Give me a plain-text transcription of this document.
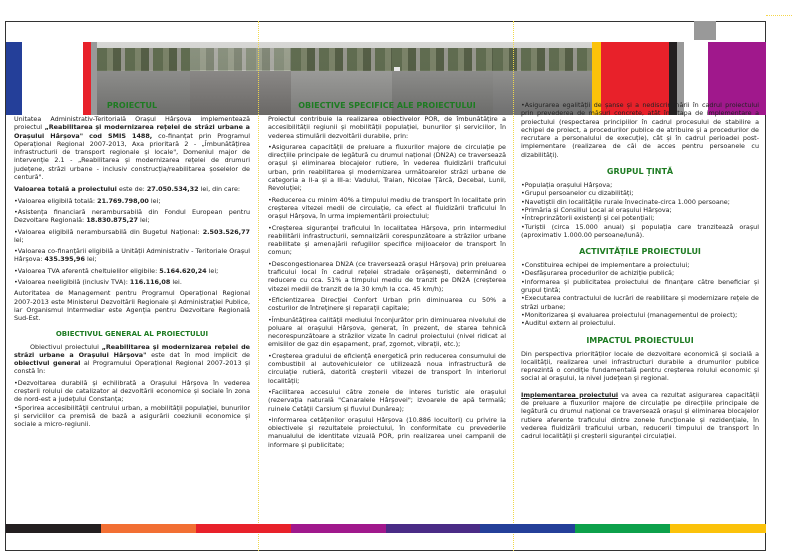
PROIECTUL

Unitatea Administrativ-Teritorială Orașul Hârșova implementează proiectul „Reabilitarea și modernizarea rețelei de străzi urbane a Orașului Hârșova" cod SMIS 1488, co-finanțat prin Programul Operațional Regional 2007-2013, Axa prioritară 2 - „Îmbunătățirea infrastructurii de transport regionale și locale", Domeniul major de intervenție 2.1 - „Reabilitarea și modernizarea rețelei de drumuri județene, străzi urbane - inclusiv construcția/reabilitarea șoselelor de centură".

Valoarea totală a proiectului este de: 27.050.534,32 lei, din care:

•Valoarea eligibilă totală: 21.769.798,00 lei;

•Asistența financiară nerambursabilă din Fondul European pentru Dezvoltare Regională: 18.830.875,27 lei;

•Valoarea eligibilă nerambursabilă din Bugetul Național: 2.503.526,77 lei;

•Valoarea co-finanțării eligibilă a Unității Administrativ - Teritoriale Orașul Hârșova: 435.395,96 lei;

•Valoarea TVA aferentă cheltuielilor eligibile: 5.164.620,24 lei;

•Valoarea neeligibilă (inclusiv TVA): 116.116,08 lei.

Autoritatea de Management pentru Programul Operațional Regional 2007-2013 este Ministerul Dezvoltării Regionale și Administrației Publice, iar Organismul Intermediar este Agenția pentru Dezvoltare Regională Sud-Est.

OBIECTIVUL GENERAL AL PROIECTULUI

Obiectivul proiectului „Reabilitarea și modernizarea rețelei de străzi urbane a Orașului Hârșova" este dat în mod implicit de obiectivul general al Programului Operațional Regional 2007-2013 și constă în:

•Dezvoltarea durabilă și echilibrată a Orașului Hârșova în vederea creșterii rolului de catalizator al dezvoltării economice și sociale în zona de nord-est a județului Constanța;
•Sporirea accesibilității centrului urban, a mobilității populației, bunurilor și serviciilor ca premisă de bază a asigurării coeziunii economice și sociale a micro-regiunii.
OBIECTIVE SPECIFICE ALE PROIECTULUI

Proiectul contribuie la realizarea obiectivelor POR, de îmbunătățire a accesibilității regiunii și mobilității populației, bunurilor și serviciilor, în vederea stimulării dezvoltării durabile, prin:

•Asigurarea capacității de preluare a fluxurilor majore de circulație pe direcțiile principale de legătură cu drumul național (DN2A) ce traversează orașul și eliminarea blocajelor rutiere, în vederea fluidizării traficului urban, prin reabilitarea și modernizarea următoarelor străzi urbane de categoria a II-a și a III-a: Vadului, Traian, Nicolae Țărcă, Decebal, Lunii, Revoluției;
•Reducerea cu minim 40% a timpului mediu de transport în localitate prin creșterea vitezei medii de circulație, ca efect al fluidizării traficului în orașul Hârșova, în urma implementării proiectului;
•Creșterea siguranței traficului în localitatea Hârșova, prin intermediul reabilitării infrastructurii, semnalizării corespunzătoare a străzilor urbane reabilitate și amenajării refugiilor specifice mijloacelor de transport în comun;
•Descongestionarea DN2A (ce traversează orașul Hârșova) prin preluarea traficului local în cadrul rețelei stradale orășenești, determinând o reducere cu cca. 51% a timpului mediu de tranzit pe DN2A (creșterea vitezei medii de tranzit de la 30 km/h la cca. 45 km/h);
•Eficientizarea Direcției Confort Urban prin diminuarea cu 50% a costurilor de întreținere și reparații capitale;
•Îmbunătățirea calității mediului înconjurător prin diminuarea nivelului de poluare al orașului Hârșova, generat, în prezent, de starea tehnică necorespunzătoare a străzilor vizate în cadrul proiectului (nivel ridicat al emisiilor de gaz din eșapament, praf, zgomot, vibrații, etc.);
•Creșterea gradului de eficiență energetică prin reducerea consumului de combustibil al autovehiculelor ce utilizează noua infrastructură de circulație rutieră, datorită creșterii vitezei de transport în interiorul localității;
•Facilitarea accesului către zonele de interes turistic ale orașului (rezervația naturală "Canaralele Hârșovei"; izvoarele de apă termală; ruinele Cetății Carsium și fluviul Dunărea);
•Informarea cetățenilor orașului Hârșova (10.886 locuitori) cu privire la obiectivele și rezultatele proiectului, în conformitate cu prevederile manualului de identitate vizuală POR, prin realizarea unei campanii de informare și publicitate;

•Asigurarea egalității de șanse și a nediscriminării în cadrul proiectului prin prevederea de măsuri concrete, atât în etapa de implementare a proiectului (respectarea principiilor în cadrul procesului de stabilire a echipei de proiect, a procedurilor publice de atribuire și a procedurilor de recrutare a personalului de execuție), cât și în cadrul perioadei post-implementare (realizarea de căi de acces pentru persoanele cu dizabilități).

GRUPUL ȚINTĂ
•Populația orașului Hârșova;
•Grupul persoanelor cu dizabilități;
•Navetiștii din localitățile rurale învecinate-circa 1.000 persoane;
•Primăria și Consiliul Local al orașului Hârșova;
•Întreprinzătorii existenți și cei potențiali;
•Turiștii (circa 15.000 anual) și populația care tranzitează orașul (aproximativ 1.000.00 persoane/lună).
ACTIVITĂȚILE PROIECTULUI
•Constituirea echipei de implementare a proiectului;
•Desfășurarea procedurilor de achiziție publică;
•Informarea și publicitatea proiectului de finanțare către beneficiar și grupul țintă;
•Executarea contractului de lucrări de reabilitare și modernizare rețele de străzi urbane;
•Monitorizarea și evaluarea proiectului (managementul de proiect);
•Auditul extern al proiectului.
IMPACTUL PROIECTULUI

Din perspectiva priorităților locale de dezvoltare economică și socială a localității, realizarea unei infrastructuri durabile a drumurilor publice reprezintă o condiție fundamentală pentru creșterea rolului economic și social al orașului, la nivel județean și regional.

Implementarea proiectului va avea ca rezultat asigurarea capacității de preluare a fluxurilor majore de circulație pe direcțiile principale de legătură cu drumul național ce traversează orașul și eliminarea blocajelor rutiere aferente traficului dintre zonele funcționale și rezidențiale, în vederea fluidizării traficului urban, reducerii timpului de transport în cadrul localității și creșterii siguranței circulației.
